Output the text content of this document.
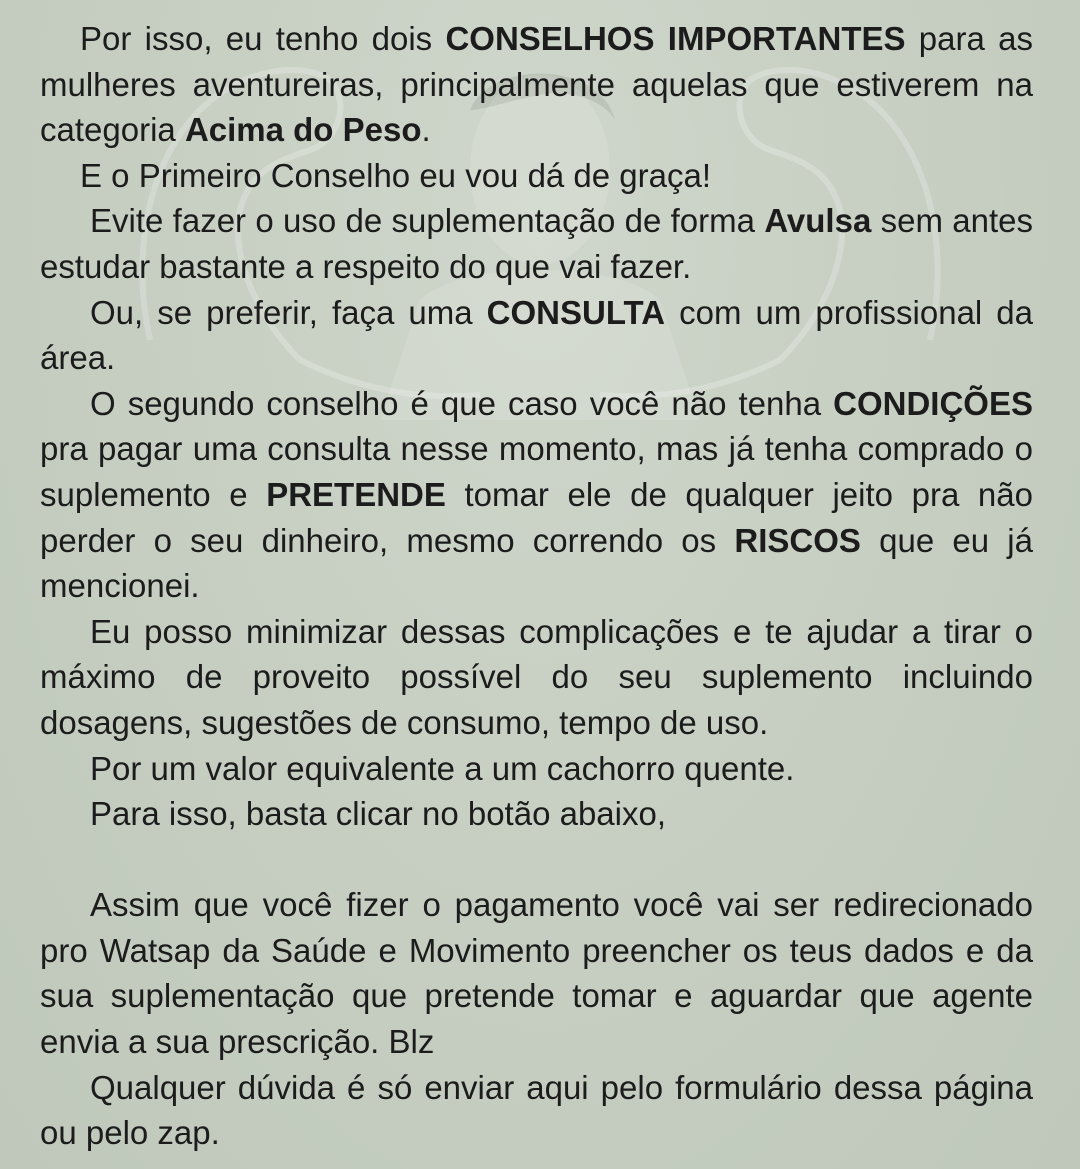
Por isso, eu tenho dois CONSELHOS IMPORTANTES para as mulheres aventureiras, principalmente aquelas que estiverem na categoria Acima do Peso.

E o Primeiro Conselho eu vou dá de graça!

Evite fazer o uso de suplementação de forma Avulsa sem antes estudar bastante a respeito do que vai fazer.

Ou, se preferir, faça uma CONSULTA com um profissional da área.

O segundo conselho é que caso você não tenha CONDIÇÕES pra pagar uma consulta nesse momento, mas já tenha comprado o suplemento e PRETENDE tomar ele de qualquer jeito pra não perder o seu dinheiro, mesmo correndo os RISCOS que eu já mencionei.

Eu posso minimizar dessas complicações e te ajudar a tirar o máximo de proveito possível do seu suplemento incluindo dosagens, sugestões de consumo, tempo de uso.

Por um valor equivalente a um cachorro quente.

Para isso, basta clicar no botão abaixo,

Assim que você fizer o pagamento você vai ser redirecionado pro Watsap da Saúde e Movimento preencher os teus dados e da sua suplementação que pretende tomar e aguardar que agente envia a sua prescrição. Blz

Qualquer dúvida é só enviar aqui pelo formulário dessa página ou pelo zap.
